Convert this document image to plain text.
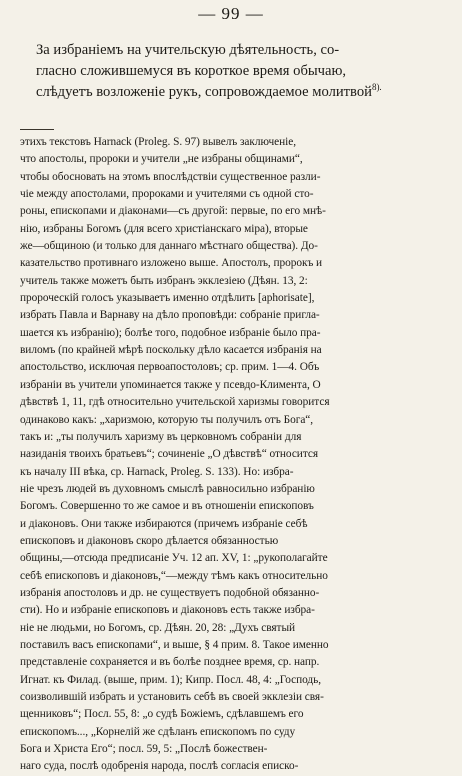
— 99 —
За избраніемъ на учительскую дѣятельность, со-
гласно сложившемуся въ короткое время обычаю,
слѣдуетъ возложеніе рукъ, сопровождаемое молитвой$^{8).}$
этихъ текстовъ Harnack (Proleg. S. 97) вывелъ заключеніе,
что апостолы, пророки и учители „не избраны общинами“,
чтобы обосновать на этомъ впослѣдствіи существенное разли-
чіе между апостолами, пророками и учителями съ одной сто-
роны, епископами и діаконами—съ другой: первые, по его мнѣ-
нію, избраны Богомъ (для всего христіанскаго міра), вторые
же—общиною (и только для даннаго мѣстнаго общества). До-
казательство противнаго изложено выше. Апостолъ, пророкъ и
учитель также можетъ быть избранъ экклезіею (Дѣян. 13, 2:
пророческій голосъ указываетъ именно отдѣлить [aphorisate],
избрать Павла и Варнаву на дѣло проповѣди: собраніе пригла-
шается къ избранію); болѣе того, подобное избраніе было пра-
виломъ (по крайней мѣрѣ поскольку дѣло касается избранія на
апостольство, исключая первоапостоловъ; ср. прим. 1—4. Объ
избраніи въ учители упоминается также у псевдо-Климента, О
дѣвствѣ 1, 11, гдѣ относительно учительской харизмы говорится
одинаково какъ: „харизмою, которую ты получилъ отъ Бога“,
такъ и: „ты получилъ харизму въ церковномъ собраніи для
назиданія твоихъ братьевъ“; сочиненіе „О дѣвствѣ“ относится
къ началу III вѣка, ср. Harnack, Proleg. S. 133). Но: избра-
ніе чрезъ людей въ духовномъ смыслѣ равносильно избранію
Богомъ. Совершенно то же самое и въ отношеніи епископовъ
и діаконовъ. Они также избираются (причемъ избраніе себѣ
епископовъ и діаконовъ скоро дѣлается обязанностью
общины,—отсюда предписаніе Уч. 12 ап. XV, 1: „рукополагайте
себѣ епископовъ и діаконовъ,“—между тѣмъ какъ относительно
избранія апостоловъ и др. не существуетъ подобной обязанно-
сти). Но и избраніе епископовъ и діаконовъ есть также избра-
ніе не людьми, но Богомъ, ср. Дѣян. 20, 28: „Духъ святый
поставилъ васъ епископами“, и выше, § 4 прим. 8. Такое именно
представленіе сохраняется и въ болѣе позднее время, ср. напр.
Игнат. къ Филад. (выше, прим. 1); Кипр. Посл. 48, 4: „Господь,
соизволившій избрать и установить себѣ въ своей экклезіи свя-
щенниковъ“; Посл. 55, 8: „о судѣ Божіемъ, сдѣлавшемъ его
епископомъ..., „Корнелій же сдѣланъ епископомъ по суду
Бога и Христа Его“; посл. 59, 5: „Послѣ божествен-
наго суда, послѣ одобренія народа, послѣ согласія еписко-
